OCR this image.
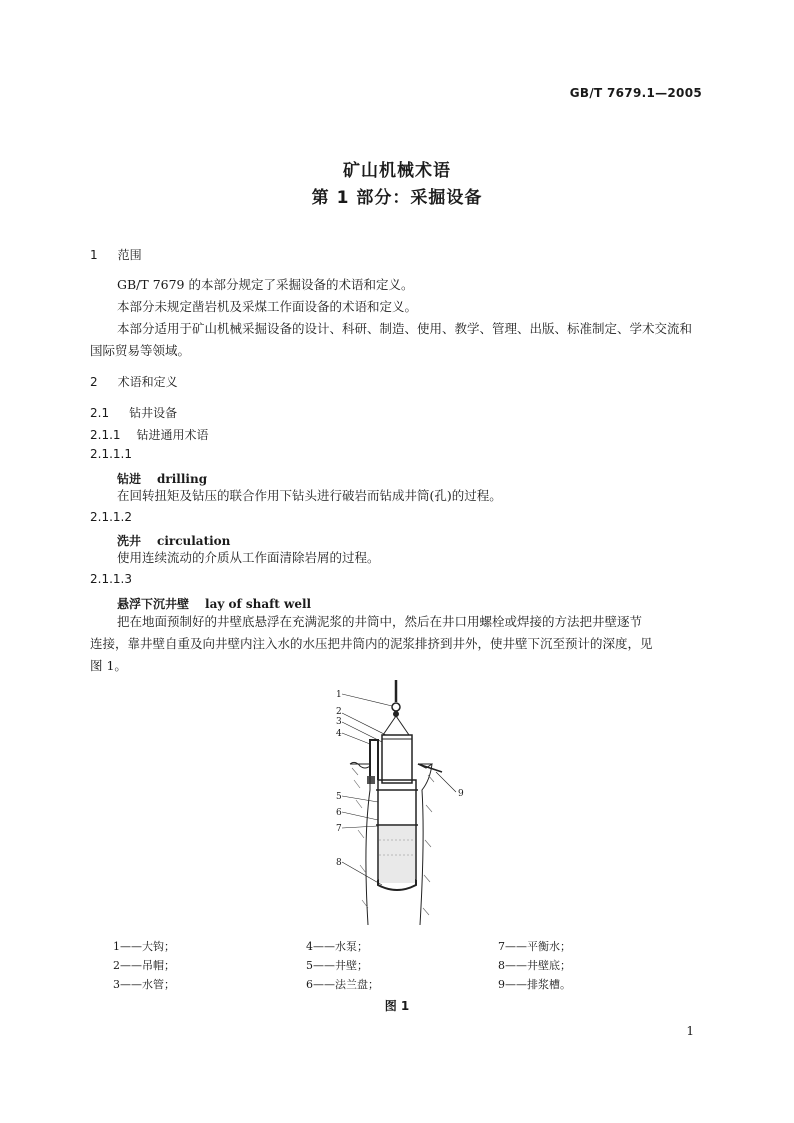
GB/T 7679.1—2005
矿山机械术语
第 1 部分：采掘设备
1 范围
GB/T 7679 的本部分规定了采掘设备的术语和定义。
本部分未规定凿岩机及采煤工作面设备的术语和定义。
本部分适用于矿山机械采掘设备的设计、科研、制造、使用、教学、管理、出版、标准制定、学术交流和
国际贸易等领域。
2 术语和定义
2.1 钻井设备
2.1.1 钻进通用术语
2.1.1.1
钻进 drilling
在回转扭矩及钻压的联合作用下钻头进行破岩而钻成井筒(孔)的过程。
2.1.1.2
洗井 circulation
使用连续流动的介质从工作面清除岩屑的过程。
2.1.1.3
悬浮下沉井壁 lay of shaft well
把在地面预制好的井壁底悬浮在充满泥浆的井筒中，然后在井口用螺栓或焊接的方法把井壁逐节
连接，靠井壁自重及向井壁内注入水的水压把井筒内的泥浆排挤到井外，使井壁下沉至预计的深度，见
图 1。
1
2
3
4
5
6
7
8
9
1——大钩；	4——水泵；	7——平衡水；
2——吊帽；	5——井壁；	8——井壁底；
3——水管；	6——法兰盘；	9——排浆槽。
图 1
1
